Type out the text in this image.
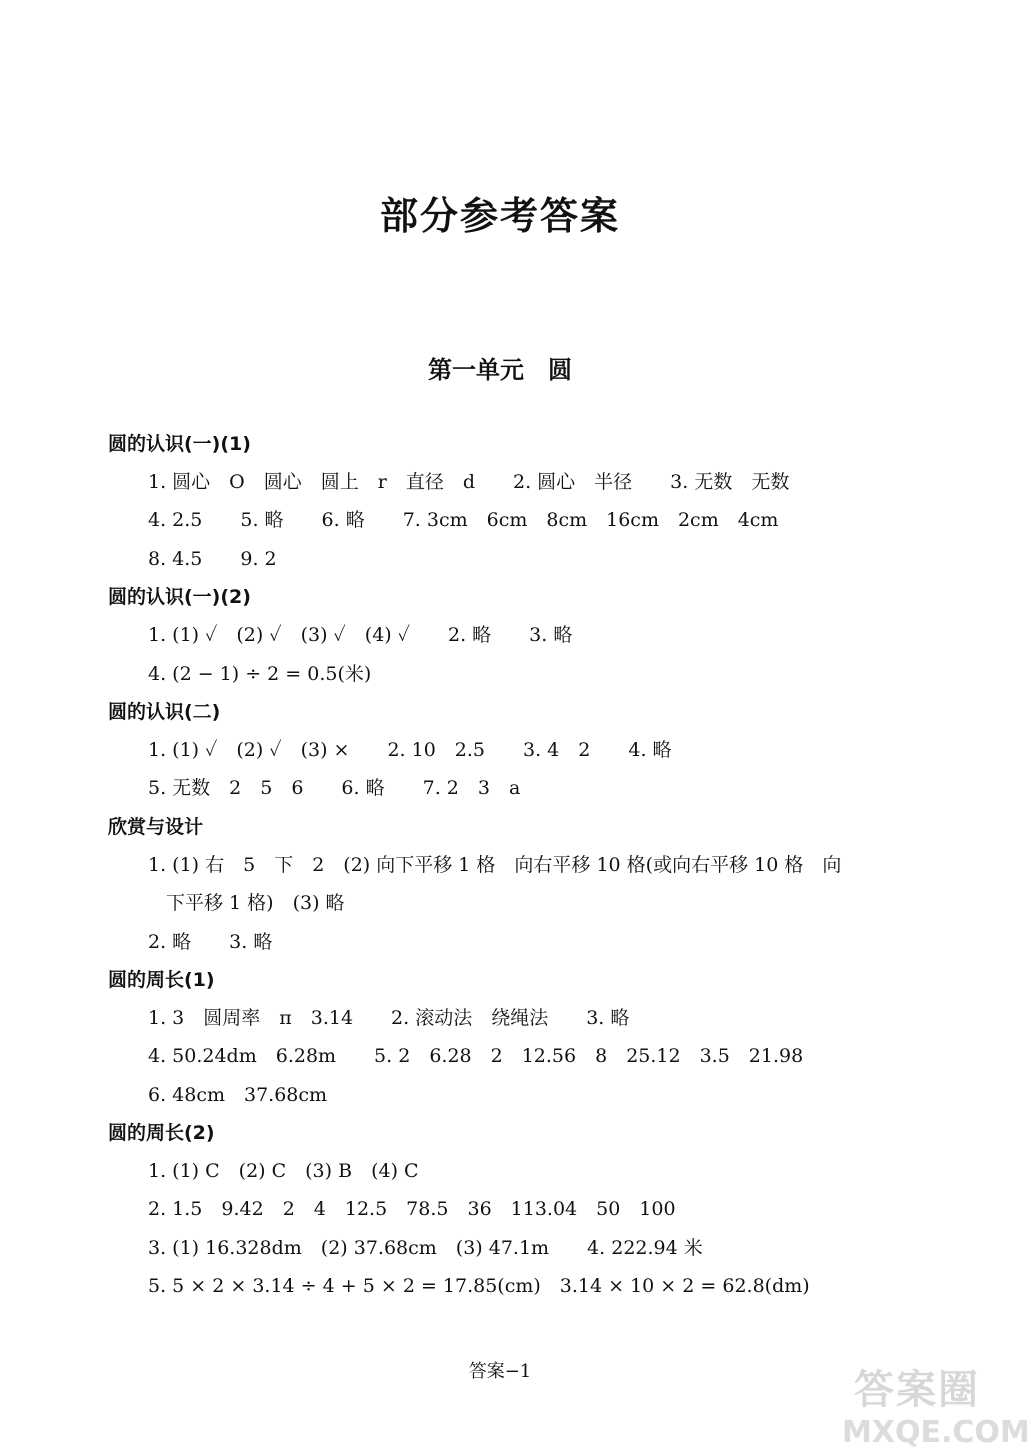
部分参考答案
第一单元　圆
圆的认识(一)(1)
1. 圆心　O　圆心　圆上　r　直径　d　　2. 圆心　半径　　3. 无数　无数
4. 2.5　　5. 略　　6. 略　　7. 3cm　6cm　8cm　16cm　2cm　4cm
8. 4.5　　9. 2
圆的认识(一)(2)
1. (1) ✓　(2) ✓　(3) ✓　(4) ✓　　2. 略　　3. 略
4. (2 − 1) ÷ 2 = 0.5(米)
圆的认识(二)
1. (1) ✓　(2) ✓　(3) ×　　2. 10　2.5　　3. 4　2　　4. 略
5. 无数　2　5　6　　6. 略　　7. 2　3　a
欣赏与设计
1. (1) 右　5　下　2　(2) 向下平移 1 格　向右平移 10 格(或向右平移 10 格　向
下平移 1 格)　(3) 略
2. 略　　3. 略
圆的周长(1)
1. 3　圆周率　π　3.14　　2. 滚动法　绕绳法　　3. 略
4. 50.24dm　6.28m　　5. 2　6.28　2　12.56　8　25.12　3.5　21.98
6. 48cm　37.68cm
圆的周长(2)
1. (1) C　(2) C　(3) B　(4) C
2. 1.5　9.42　2　4　12.5　78.5　36　113.04　50　100
3. (1) 16.328dm　(2) 37.68cm　(3) 47.1m　　4. 222.94 米
5. 5 × 2 × 3.14 ÷ 4 + 5 × 2 = 17.85(cm)　3.14 × 10 × 2 = 62.8(dm)
答案−1	答案圈
MXQE.COM
